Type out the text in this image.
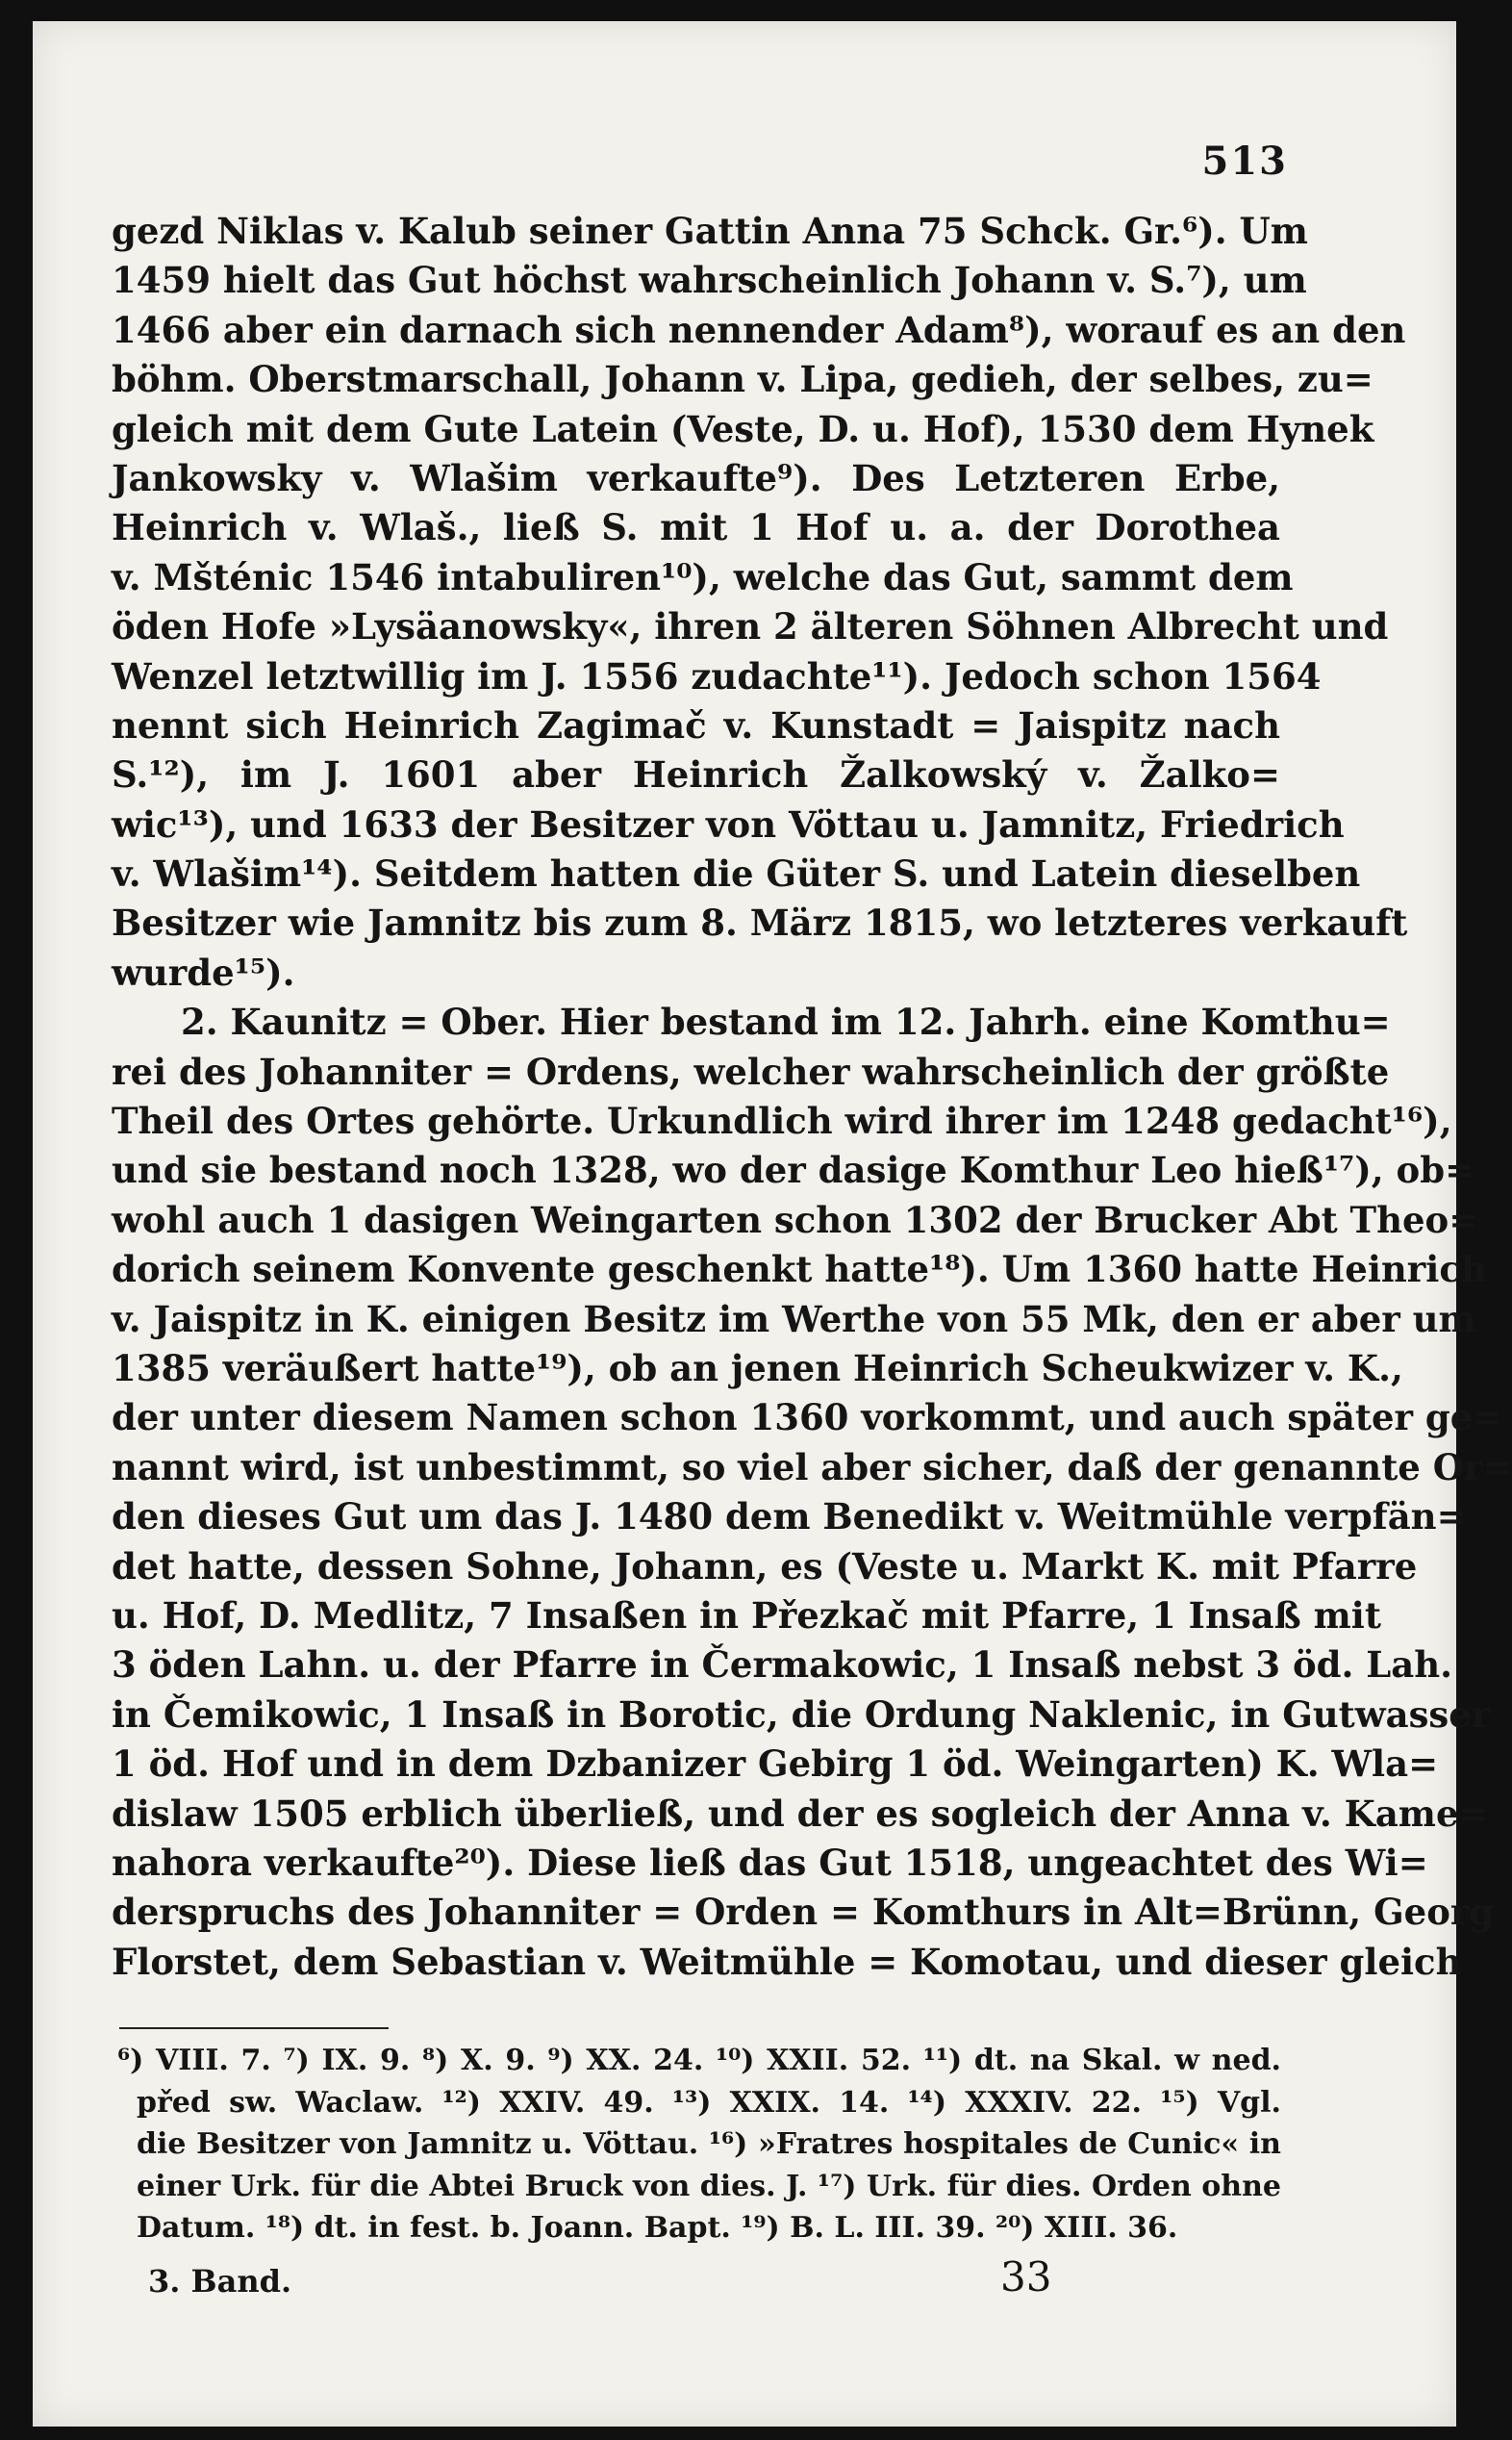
513
gezd Niklas v. Kalub seiner Gattin Anna 75 Schck. Gr.⁶). Um
1459 hielt das Gut höchst wahrscheinlich Johann v. S.⁷), um
1466 aber ein darnach sich nennender Adam⁸), worauf es an den
böhm. Oberstmarschall, Johann v. Lipa, gedieh, der selbes, zu=
gleich mit dem Gute Latein (Veste, D. u. Hof), 1530 dem Hynek
Jankowsky v. Wlašim verkaufte⁹). Des Letzteren Erbe,
Heinrich v. Wlaš., ließ S. mit 1 Hof u. a. der Dorothea
v. Mšténic 1546 intabuliren¹⁰), welche das Gut, sammt dem
öden Hofe »Lysäanowsky«, ihren 2 älteren Söhnen Albrecht und
Wenzel letztwillig im J. 1556 zudachte¹¹). Jedoch schon 1564
nennt sich Heinrich Zagimač v. Kunstadt = Jaispitz nach
S.¹²), im J. 1601 aber Heinrich Žalkowský v. Žalko=
wic¹³), und 1633 der Besitzer von Vöttau u. Jamnitz, Friedrich
v. Wlašim¹⁴). Seitdem hatten die Güter S. und Latein dieselben
Besitzer wie Jamnitz bis zum 8. März 1815, wo letzteres verkauft
wurde¹⁵).
2. Kaunitz = Ober. Hier bestand im 12. Jahrh. eine Komthu=
rei des Johanniter = Ordens, welcher wahrscheinlich der größte
Theil des Ortes gehörte. Urkundlich wird ihrer im 1248 gedacht¹⁶),
und sie bestand noch 1328, wo der dasige Komthur Leo hieß¹⁷), ob=
wohl auch 1 dasigen Weingarten schon 1302 der Brucker Abt Theo=
dorich seinem Konvente geschenkt hatte¹⁸). Um 1360 hatte Heinrich
v. Jaispitz in K. einigen Besitz im Werthe von 55 Mk, den er aber um
1385 veräußert hatte¹⁹), ob an jenen Heinrich Scheukwizer v. K.,
der unter diesem Namen schon 1360 vorkommt, und auch später ge=
nannt wird, ist unbestimmt, so viel aber sicher, daß der genannte Or=
den dieses Gut um das J. 1480 dem Benedikt v. Weitmühle verpfän=
det hatte, dessen Sohne, Johann, es (Veste u. Markt K. mit Pfarre
u. Hof, D. Medlitz, 7 Insaßen in Přezkač mit Pfarre, 1 Insaß mit
3 öden Lahn. u. der Pfarre in Čermakowic, 1 Insaß nebst 3 öd. Lah.
in Čemikowic, 1 Insaß in Borotic, die Ordung Naklenic, in Gutwasser
1 öd. Hof und in dem Dzbanizer Gebirg 1 öd. Weingarten) K. Wla=
dislaw 1505 erblich überließ, und der es sogleich der Anna v. Kame=
nahora verkaufte²⁰). Diese ließ das Gut 1518, ungeachtet des Wi=
derspruchs des Johanniter = Orden = Komthurs in Alt=Brünn, Georg
Florstet, dem Sebastian v. Weitmühle = Komotau, und dieser gleich
⁶) VIII. 7. ⁷) IX. 9. ⁸) X. 9. ⁹) XX. 24. ¹⁰) XXII. 52. ¹¹) dt. na Skal. w ned.
před sw. Waclaw. ¹²) XXIV. 49. ¹³) XXIX. 14. ¹⁴) XXXIV. 22. ¹⁵) Vgl.
die Besitzer von Jamnitz u. Vöttau. ¹⁶) »Fratres hospitales de Cunic« in
einer Urk. für die Abtei Bruck von dies. J. ¹⁷) Urk. für dies. Orden ohne
Datum. ¹⁸) dt. in fest. b. Joann. Bapt. ¹⁹) B. L. III. 39. ²⁰) XIII. 36.
3. Band.	33
